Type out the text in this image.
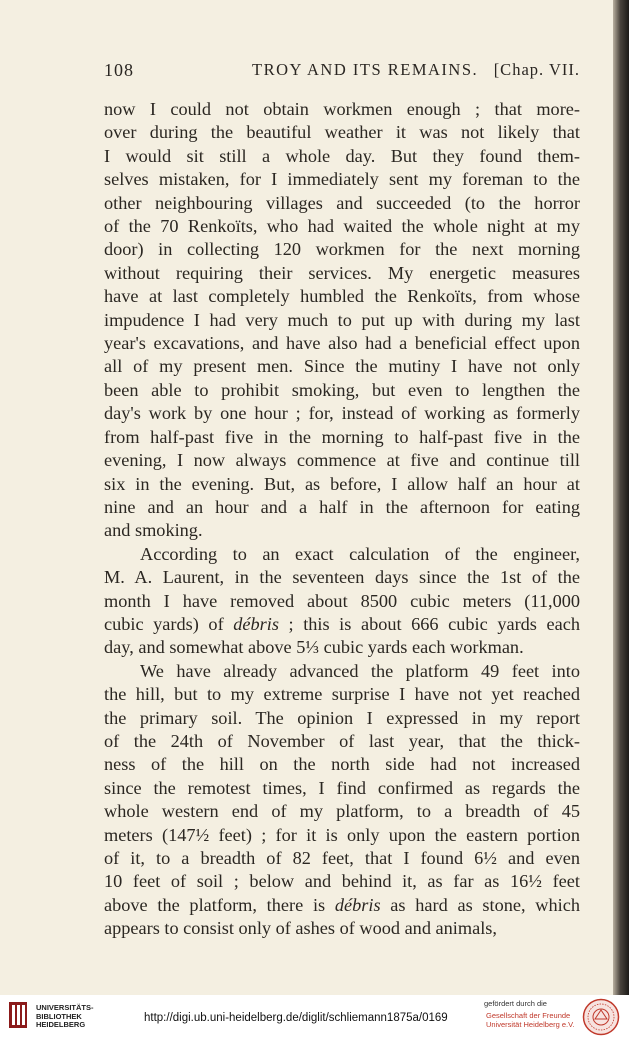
108	TROY AND ITS REMAINS. [Chap. VII.
now I could not obtain workmen enough ; that more-
over during the beautiful weather it was not likely that
I would sit still a whole day. But they found them-
selves mistaken, for I immediately sent my foreman to the
other neighbouring villages and succeeded (to the horror
of the 70 Renkoïts, who had waited the whole night at my
door) in collecting 120 workmen for the next morning
without requiring their services. My energetic measures
have at last completely humbled the Renkoïts, from whose
impudence I had very much to put up with during my last
year's excavations, and have also had a beneficial effect upon
all of my present men. Since the mutiny I have not only
been able to prohibit smoking, but even to lengthen the
day's work by one hour ; for, instead of working as formerly
from half-past five in the morning to half-past five in the
evening, I now always commence at five and continue till
six in the evening. But, as before, I allow half an hour at
nine and an hour and a half in the afternoon for eating
and smoking.
According to an exact calculation of the engineer,
M. A. Laurent, in the seventeen days since the 1st of the
month I have removed about 8500 cubic meters (11,000
cubic yards) of débris ; this is about 666 cubic yards each
day, and somewhat above 5⅓ cubic yards each workman.
We have already advanced the platform 49 feet into
the hill, but to my extreme surprise I have not yet reached
the primary soil. The opinion I expressed in my report
of the 24th of November of last year, that the thick-
ness of the hill on the north side had not increased
since the remotest times, I find confirmed as regards the
whole western end of my platform, to a breadth of 45
meters (147½ feet) ; for it is only upon the eastern portion
of it, to a breadth of 82 feet, that I found 6½ and even
10 feet of soil ; below and behind it, as far as 16½ feet
above the platform, there is débris as hard as stone, which
appears to consist only of ashes of wood and animals,
UNIVERSITÄTS-
BIBLIOTHEK
HEIDELBERG
http://digi.ub.uni-heidelberg.de/diglit/schliemann1875a/0169
gefördert durch die
Gesellschaft der Freunde
Universität Heidelberg e.V.
